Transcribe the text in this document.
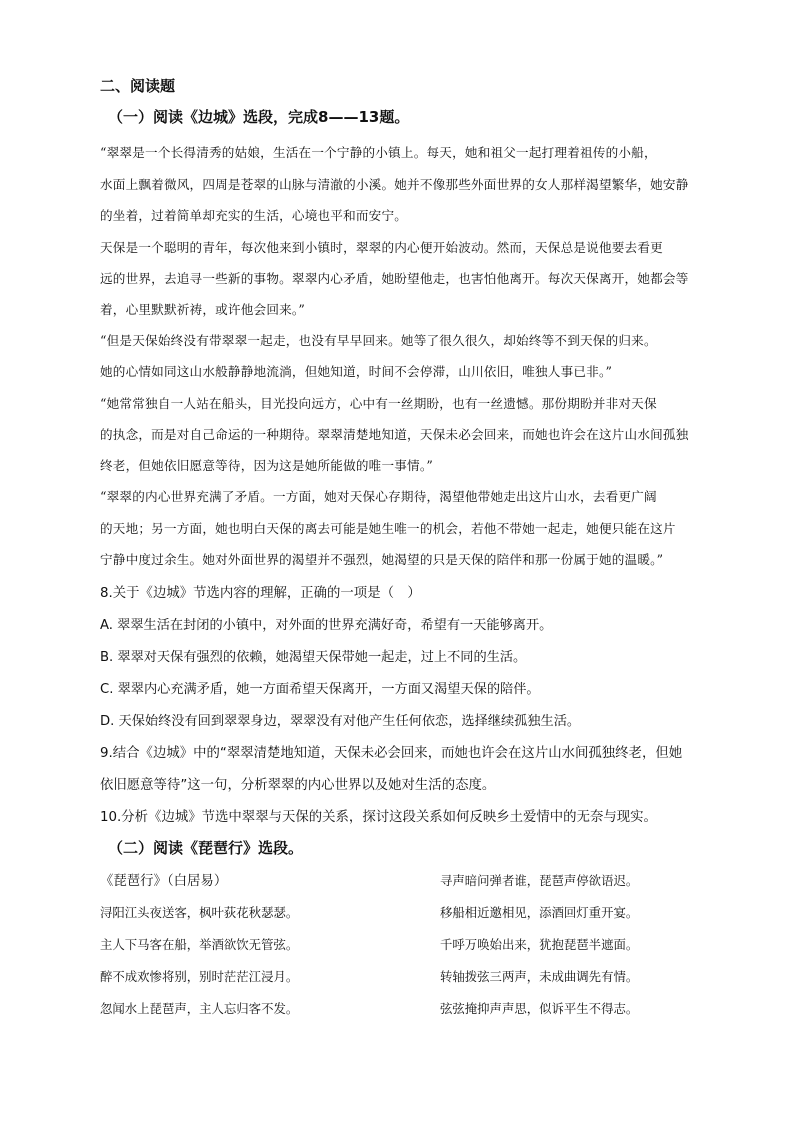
二、阅读题
（一）阅读《边城》选段，完成8——13题。
“翠翠是一个长得清秀的姑娘，生活在一个宁静的小镇上。每天，她和祖父一起打理着祖传的小船，
水面上飘着微风，四周是苍翠的山脉与清澈的小溪。她并不像那些外面世界的女人那样渴望繁华，她安静
的坐着，过着简单却充实的生活，心境也平和而安宁。
天保是一个聪明的青年，每次他来到小镇时，翠翠的内心便开始波动。然而，天保总是说他要去看更
远的世界，去追寻一些新的事物。翠翠内心矛盾，她盼望他走，也害怕他离开。每次天保离开，她都会等
着，心里默默祈祷，或许他会回来。”
“但是天保始终没有带翠翠一起走，也没有早早回来。她等了很久很久，却始终等不到天保的归来。
她的心情如同这山水般静静地流淌，但她知道，时间不会停滞，山川依旧，唯独人事已非。”
“她常常独自一人站在船头，目光投向远方，心中有一丝期盼，也有一丝遗憾。那份期盼并非对天保
的执念，而是对自己命运的一种期待。翠翠清楚地知道，天保未必会回来，而她也许会在这片山水间孤独
终老，但她依旧愿意等待，因为这是她所能做的唯一事情。”
“翠翠的内心世界充满了矛盾。一方面，她对天保心存期待，渴望他带她走出这片山水，去看更广阔
的天地；另一方面，她也明白天保的离去可能是她生唯一的机会，若他不带她一起走，她便只能在这片
宁静中度过余生。她对外面世界的渴望并不强烈，她渴望的只是天保的陪伴和那一份属于她的温暖。”
8.关于《边城》节选内容的理解，正确的一项是（　）
A. 翠翠生活在封闭的小镇中，对外面的世界充满好奇，希望有一天能够离开。
B. 翠翠对天保有强烈的依赖，她渴望天保带她一起走，过上不同的生活。
C. 翠翠内心充满矛盾，她一方面希望天保离开，一方面又渴望天保的陪伴。
D. 天保始终没有回到翠翠身边，翠翠没有对他产生任何依恋，选择继续孤独生活。
9.结合《边城》中的“翠翠清楚地知道，天保未必会回来，而她也许会在这片山水间孤独终老，但她
依旧愿意等待”这一句，分析翠翠的内心世界以及她对生活的态度。
10.分析《边城》节选中翠翠与天保的关系，探讨这段关系如何反映乡土爱情中的无奈与现实。
（二）阅读《琵琶行》选段。
《琵琶行》（白居易）
浔阳江头夜送客，枫叶荻花秋瑟瑟。
主人下马客在船，举酒欲饮无管弦。
醉不成欢惨将别，别时茫茫江浸月。
忽闻水上琵琶声，主人忘归客不发。
寻声暗问弹者谁，琵琶声停欲语迟。
移船相近邀相见，添酒回灯重开宴。
千呼万唤始出来，犹抱琵琶半遮面。
转轴拨弦三两声，未成曲调先有情。
弦弦掩抑声声思，似诉平生不得志。
